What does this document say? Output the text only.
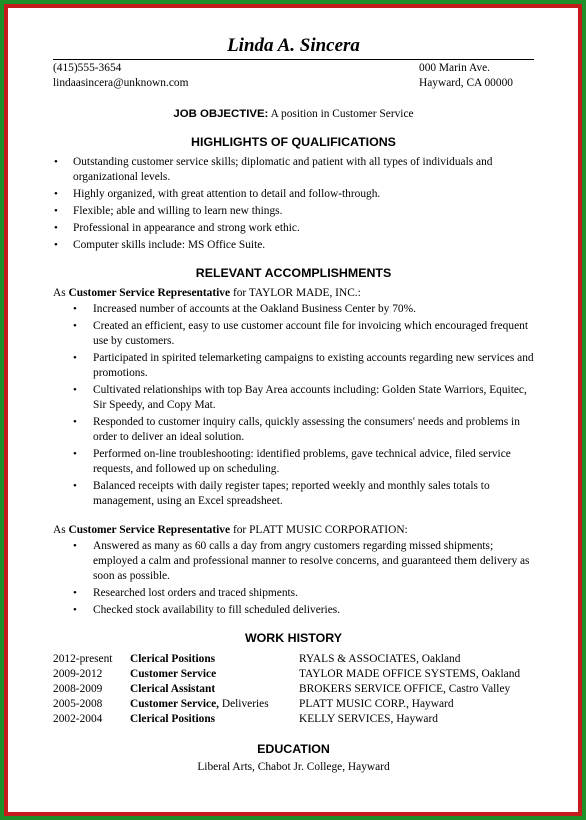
Linda A. Sincera
(415)555-3654
lindaasincera@unknown.com
000 Marin Ave.
Hayward, CA 00000
JOB OBJECTIVE: A position in Customer Service
HIGHLIGHTS OF QUALIFICATIONS
• Outstanding customer service skills; diplomatic and patient with all types of individuals and organizational levels.
• Highly organized, with great attention to detail and follow-through.
• Flexible; able and willing to learn new things.
• Professional in appearance and strong work ethic.
• Computer skills include: MS Office Suite.
RELEVANT ACCOMPLISHMENTS
As Customer Service Representative for TAYLOR MADE, INC.:
• Increased number of accounts at the Oakland Business Center by 70%.
• Created an efficient, easy to use customer account file for invoicing which encouraged frequent use by customers.
• Participated in spirited telemarketing campaigns to existing accounts regarding new services and promotions.
• Cultivated relationships with top Bay Area accounts including: Golden State Warriors, Equitec, Sir Speedy, and Copy Mat.
• Responded to customer inquiry calls, quickly assessing the consumers' needs and problems in order to deliver an ideal solution.
• Performed on-line troubleshooting: identified problems, gave technical advice, filed service requests, and followed up on scheduling.
• Balanced receipts with daily register tapes; reported weekly and monthly sales totals to management, using an Excel spreadsheet.
As Customer Service Representative for PLATT MUSIC CORPORATION:
• Answered as many as 60 calls a day from angry customers regarding missed shipments; employed a calm and professional manner to resolve concerns, and guaranteed them delivery as soon as possible.
• Researched lost orders and traced shipments.
• Checked stock availability to fill scheduled deliveries.
WORK HISTORY
2012-present	Clerical Positions	RYALS & ASSOCIATES, Oakland
2009-2012	Customer Service	TAYLOR MADE OFFICE SYSTEMS, Oakland
2008-2009	Clerical Assistant	BROKERS SERVICE OFFICE, Castro Valley
2005-2008	Customer Service, Deliveries	PLATT MUSIC CORP., Hayward
2002-2004	Clerical Positions	KELLY SERVICES, Hayward
EDUCATION
Liberal Arts, Chabot Jr. College, Hayward
